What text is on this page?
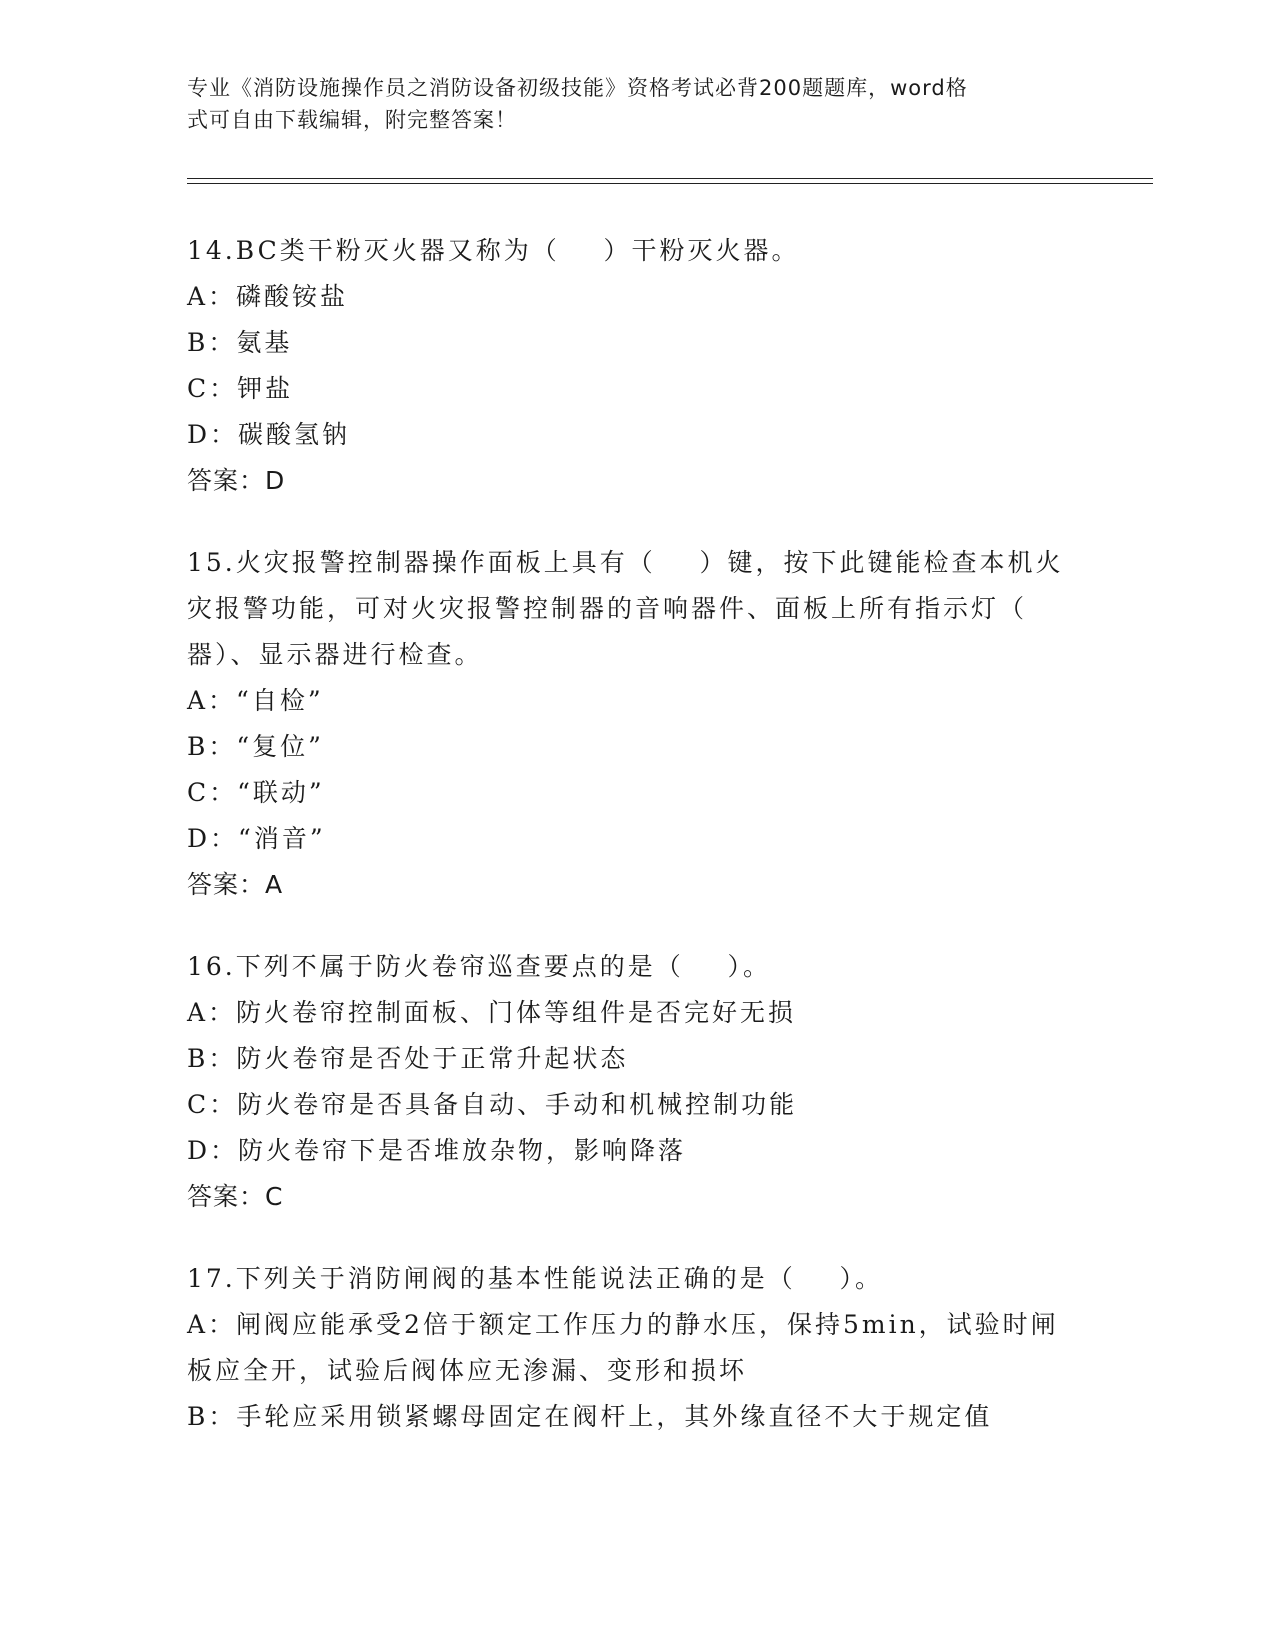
专业《消防设施操作员之消防设备初级技能》资格考试必背200题题库，word格
式可自由下载编辑，附完整答案！

14.BC类干粉灭火器又称为（    ）干粉灭火器。

A：磷酸铵盐

B：氨基

C：钾盐

D：碳酸氢钠

答案：D

15.火灾报警控制器操作面板上具有（    ）键，按下此键能检查本机火

灾报警功能，可对火灾报警控制器的音响器件、面板上所有指示灯（

器）、显示器进行检查。

A：“自检”

B：“复位”

C：“联动”

D：“消音”

答案：A

16.下列不属于防火卷帘巡查要点的是（    ）。

A：防火卷帘控制面板、门体等组件是否完好无损

B：防火卷帘是否处于正常升起状态

C：防火卷帘是否具备自动、手动和机械控制功能

D：防火卷帘下是否堆放杂物，影响降落

答案：C

17.下列关于消防闸阀的基本性能说法正确的是（    ）。

A：闸阀应能承受2倍于额定工作压力的静水压，保持5min，试验时闸

板应全开，试验后阀体应无渗漏、变形和损坏

B：手轮应采用锁紧螺母固定在阀杆上，其外缘直径不大于规定值
